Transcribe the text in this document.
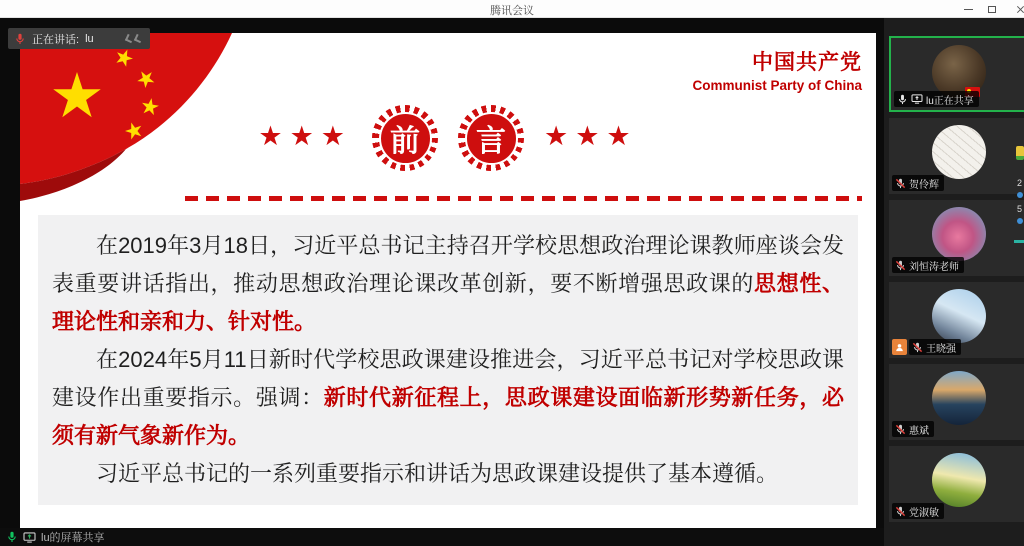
腾讯会议
正在讲话: lu
中国共产党
Communist Party of China
★★★	前	言	★★★

在2019年3月18日，习近平总书记主持召开学校思想政治理论课教师座谈会发表重要讲话指出，推动思想政治理论课改革创新，要不断增强思政课的思想性、理论性和亲和力、针对性。

在2024年5月11日新时代学校思政课建设推进会，习近平总书记对学校思政课建设作出重要指示。强调：新时代新征程上，思政课建设面临新形势新任务，必须有新气象新作为。

习近平总书记的一系列重要指示和讲话为思政课建设提供了基本遵循。

lu正在共享
贺伶辉
刘恒涛老师
王晓强
惠斌
党淑敏
lu的屏幕共享
2
5
